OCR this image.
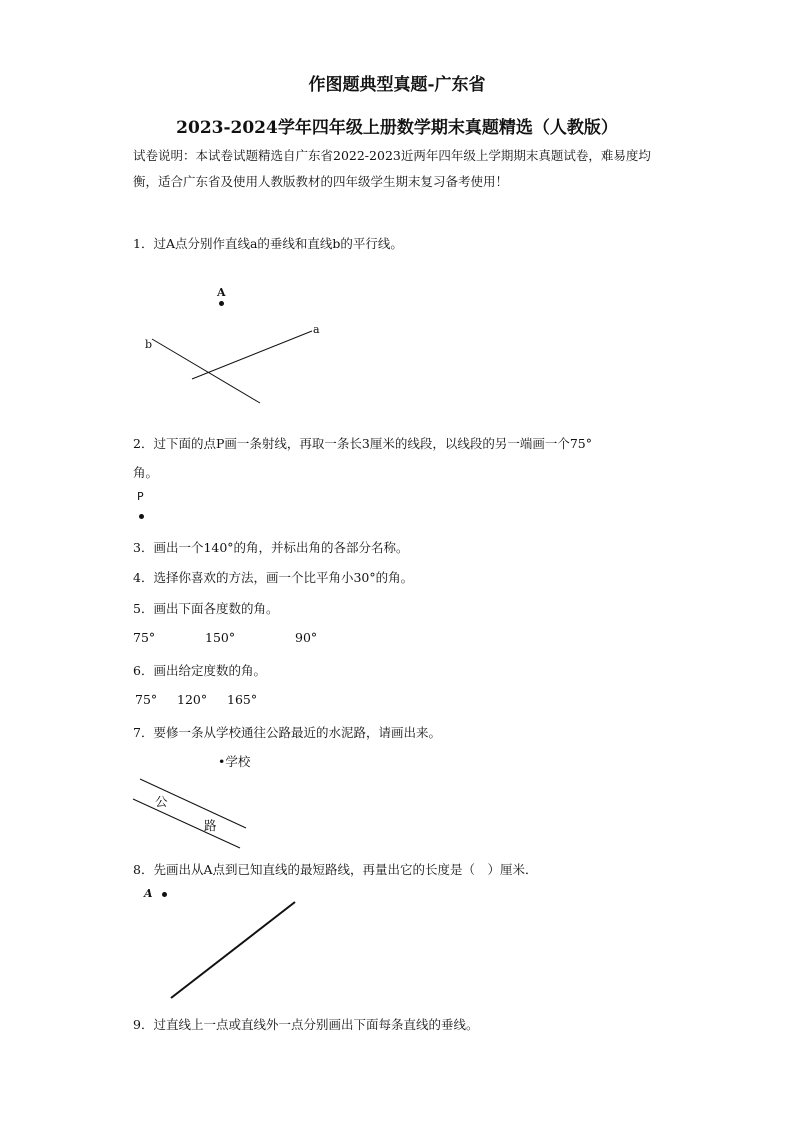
作图题典型真题-广东省
2023-2024学年四年级上册数学期末真题精选（人教版）
试卷说明：本试卷试题精选自广东省2022-2023近两年四年级上学期期末真题试卷，难易度均衡，适合广东省及使用人教版教材的四年级学生期末复习备考使用！
1．过A点分别作直线a的垂线和直线b的平行线。
A
a
b
2．过下面的点P画一条射线，再取一条长3厘米的线段，以线段的另一端画一个75°
角。
P
3．画出一个140°的角，并标出角的各部分名称。
4．选择你喜欢的方法，画一个比平角小30°的角。
5．画出下面各度数的角。
75°	150°	90°
6．画出给定度数的角。
75° 120° 165°
7．要修一条从学校通往公路最近的水泥路，请画出来。
•学校
公
路
8．先画出从A点到已知直线的最短路线，再量出它的长度是（　）厘米．
A
9．过直线上一点或直线外一点分别画出下面每条直线的垂线。
